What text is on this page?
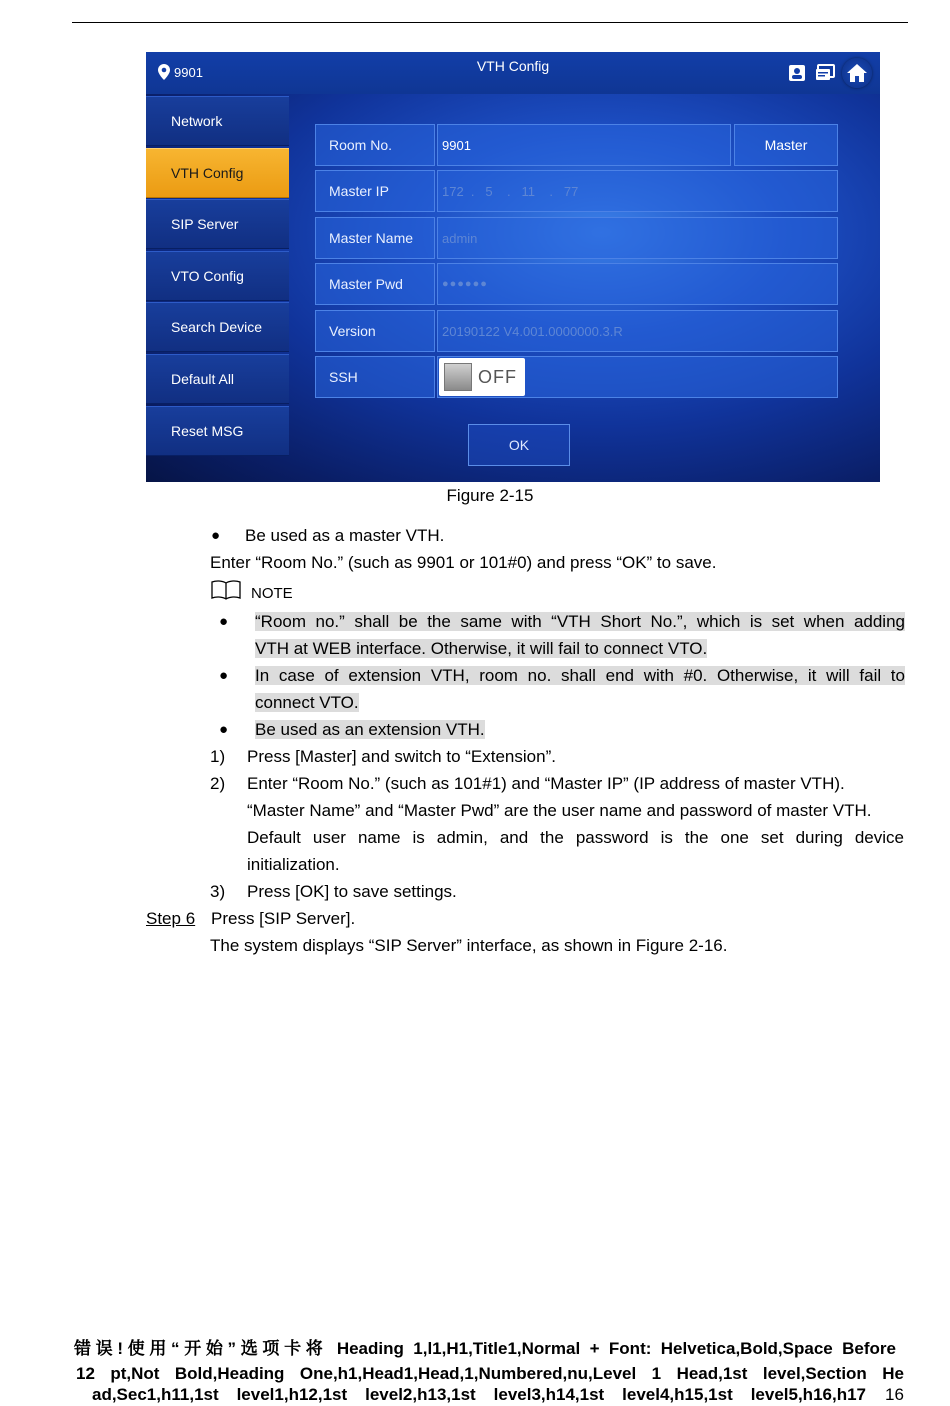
9901	VTH Config
Network
VTH Config
SIP Server
VTO Config
Search Device
Default All
Reset MSG
Room No.	9901	Master
Master IP	172  .   5    .   11    .   77
Master Name	admin
Master Pwd	●●●●●●
Version	20190122 V4.001.0000000.3.R
SSH	OFF
OK
Figure 2-15
● Be used as a master VTH.
Enter “Room No.” (such as 9901 or 101#0) and press “OK” to save.
NOTE
● “Room no.” shall be the same with “VTH Short No.”, which is set when adding
VTH at WEB interface. Otherwise, it will fail to connect VTO.
● In case of extension VTH, room no. shall end with #0. Otherwise, it will fail to
connect VTO.
● Be used as an extension VTH.
1) Press [Master] and switch to “Extension”.
2) Enter “Room No.” (such as 101#1) and “Master IP” (IP address of master VTH).
“Master Name” and “Master Pwd” are the user name and password of master VTH.
Default user name is admin, and the password is the one set during device
initialization.
3) Press [OK] to save settings.
Step 6 Press [SIP Server].
The system displays “SIP Server” interface, as shown in Figure 2-16.
错误!使用“开始”选项卡将 Heading 1,l1,H1,Title1,Normal + Font: Helvetica,Bold,Space Before
12 pt,Not Bold,Heading One,h1,Head1,Head,1,Numbered,nu,Level 1 Head,1st level,Section He
ad,Sec1,h11,1st level1,h12,1st level2,h13,1st level3,h14,1st level4,h15,1st level5,h16,h17 16
